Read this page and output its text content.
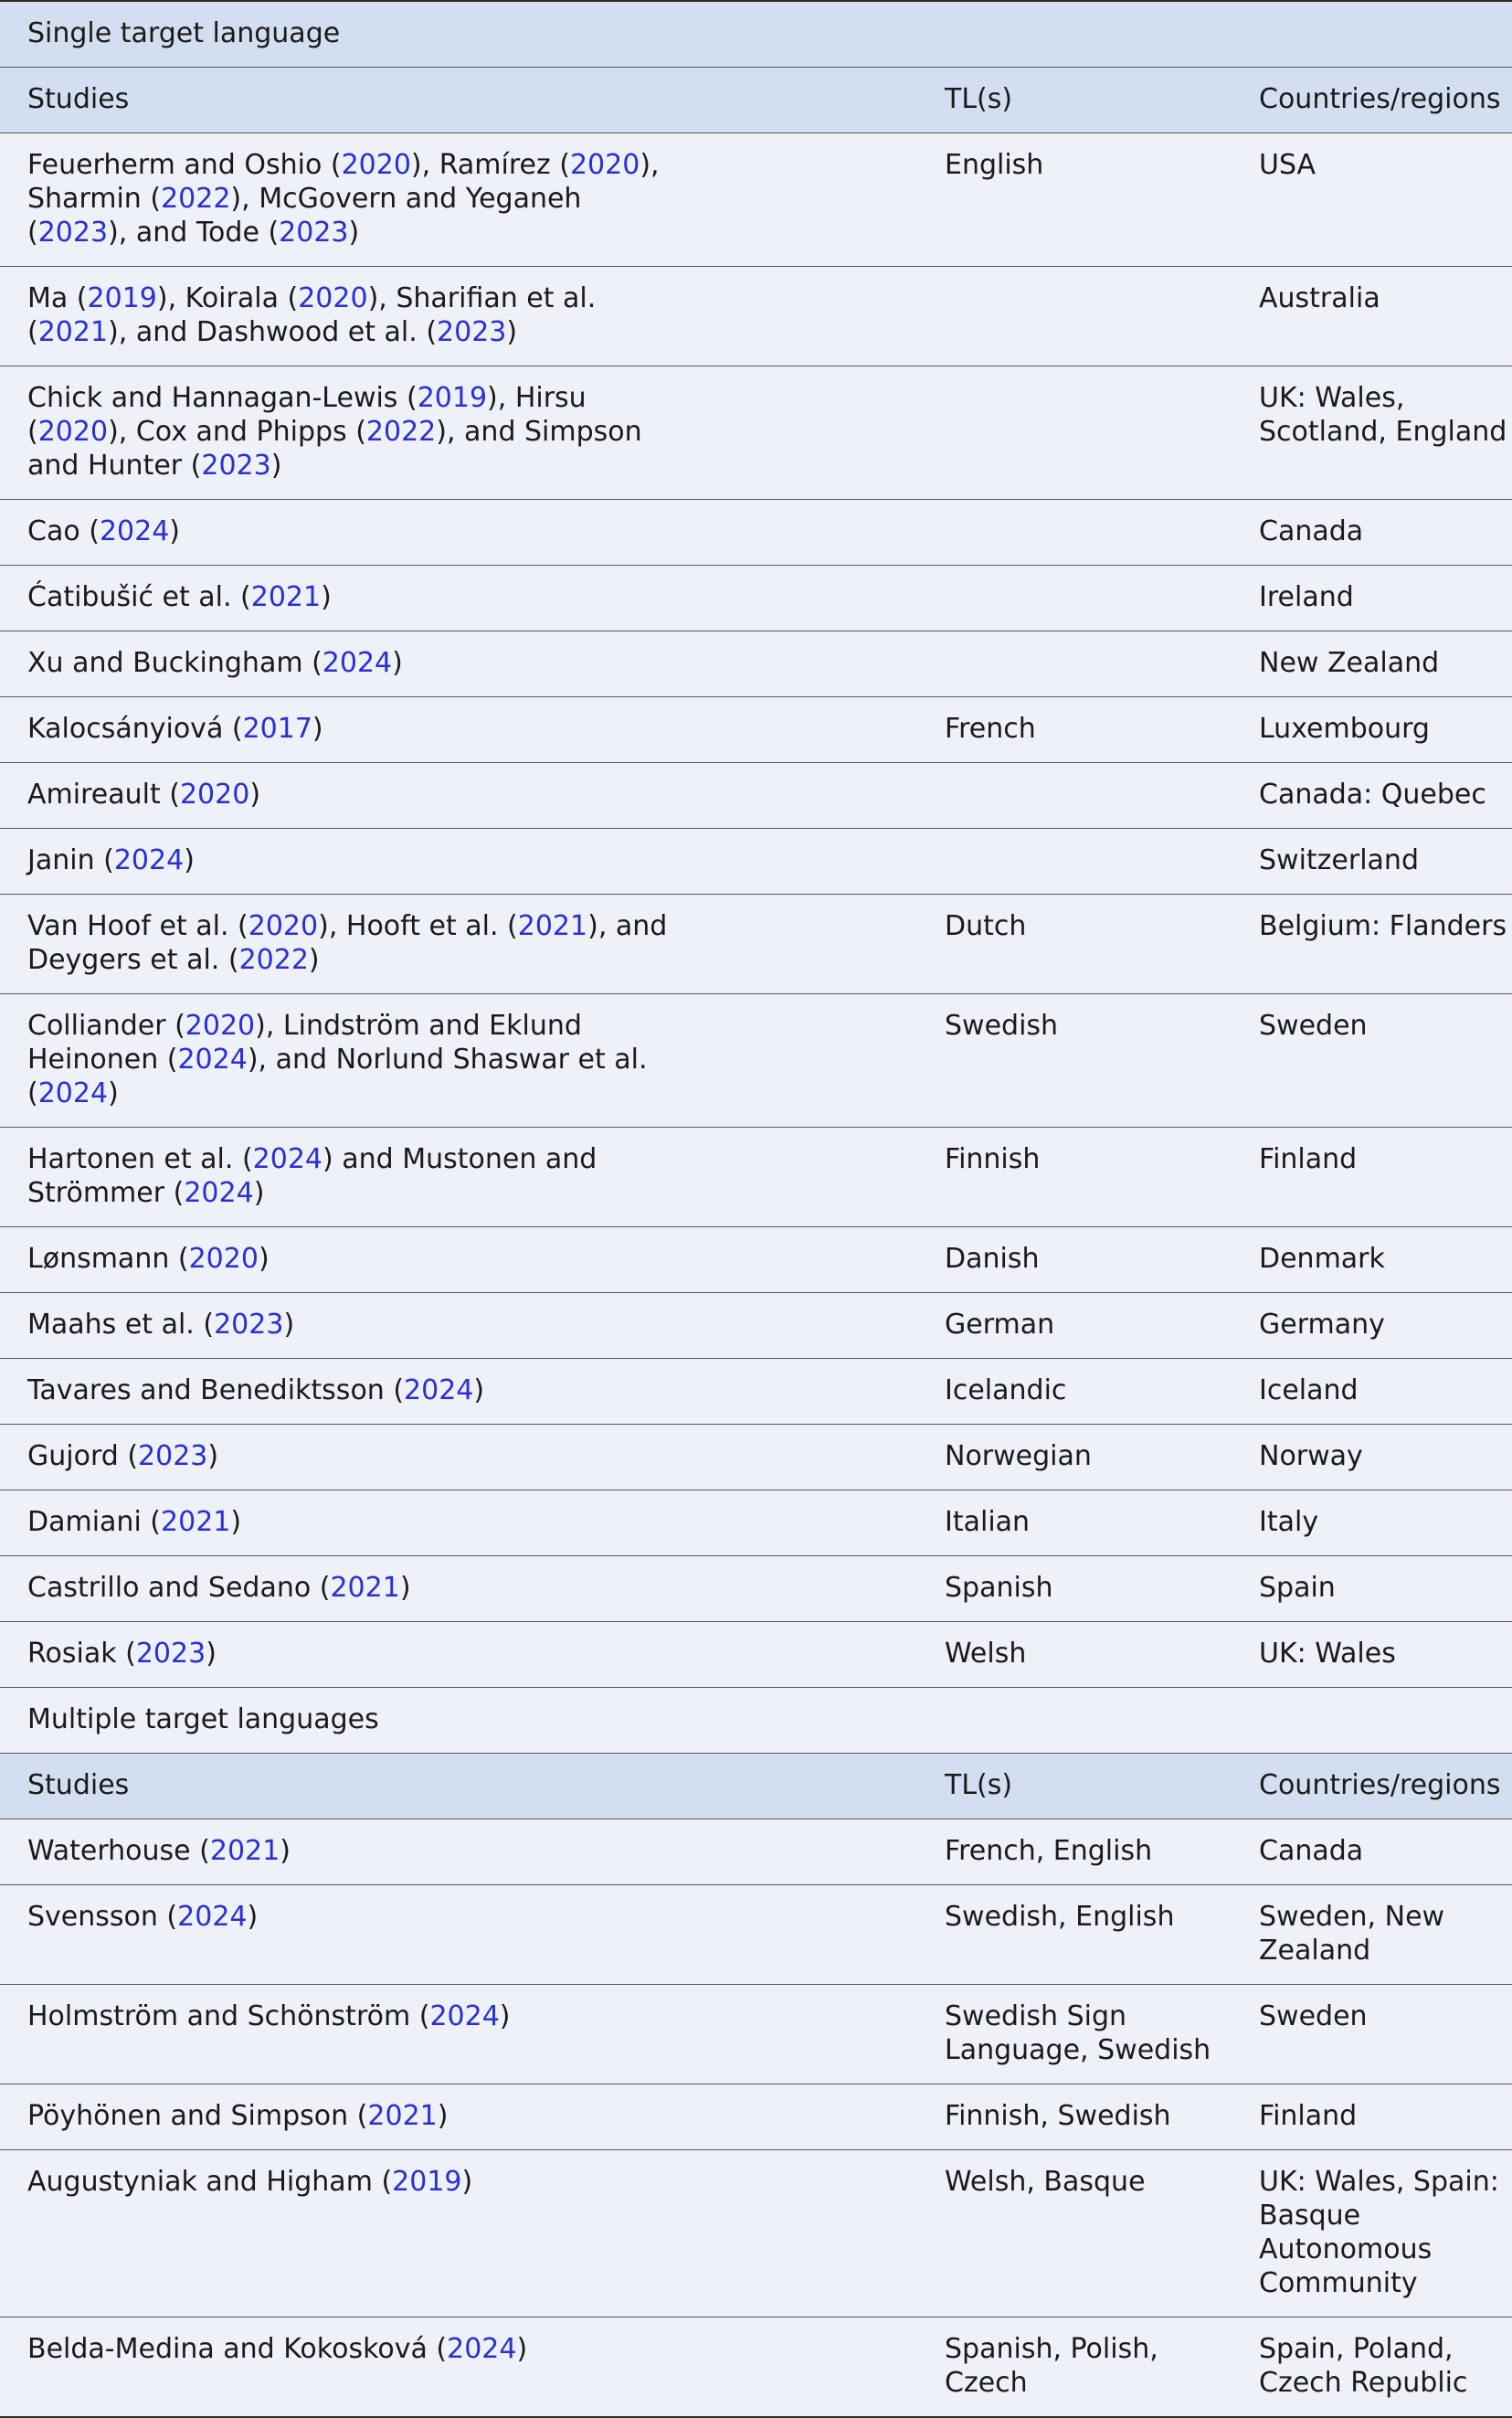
Single target language		
Studies	TL(s)	Countries/regions
Feuerherm and Oshio (2020), Ramírez (2020), Sharmin (2022), McGovern and Yeganeh (2023), and Tode (2023)	English	USA
Ma (2019), Koirala (2020), Sharifian et al. (2021), and Dashwood et al. (2023)		Australia
Chick and Hannagan-Lewis (2019), Hirsu (2020), Cox and Phipps (2022), and Simpson and Hunter (2023)		UK: Wales, Scotland, England
Cao (2024)		Canada
Ćatibušić et al. (2021)		Ireland
Xu and Buckingham (2024)		New Zealand
Kalocsányiová (2017)	French	Luxembourg
Amireault (2020)		Canada: Quebec
Janin (2024)		Switzerland
Van Hoof et al. (2020), Hooft et al. (2021), and Deygers et al. (2022)	Dutch	Belgium: Flanders
Colliander (2020), Lindström and Eklund Heinonen (2024), and Norlund Shaswar et al. (2024)	Swedish	Sweden
Hartonen et al. (2024) and Mustonen and Strömmer (2024)	Finnish	Finland
Lønsmann (2020)	Danish	Denmark
Maahs et al. (2023)	German	Germany
Tavares and Benediktsson (2024)	Icelandic	Iceland
Gujord (2023)	Norwegian	Norway
Damiani (2021)	Italian	Italy
Castrillo and Sedano (2021)	Spanish	Spain
Rosiak (2023)	Welsh	UK: Wales
Multiple target languages		
Studies	TL(s)	Countries/regions
Waterhouse (2021)	French, English	Canada
Svensson (2024)	Swedish, English	Sweden, New Zealand
Holmström and Schönström (2024)	Swedish Sign Language, Swedish	Sweden
Pöyhönen and Simpson (2021)	Finnish, Swedish	Finland
Augustyniak and Higham (2019)	Welsh, Basque	UK: Wales, Spain: Basque Autonomous Community
Belda-Medina and Kokosková (2024)	Spanish, Polish, Czech	Spain, Poland, Czech Republic
